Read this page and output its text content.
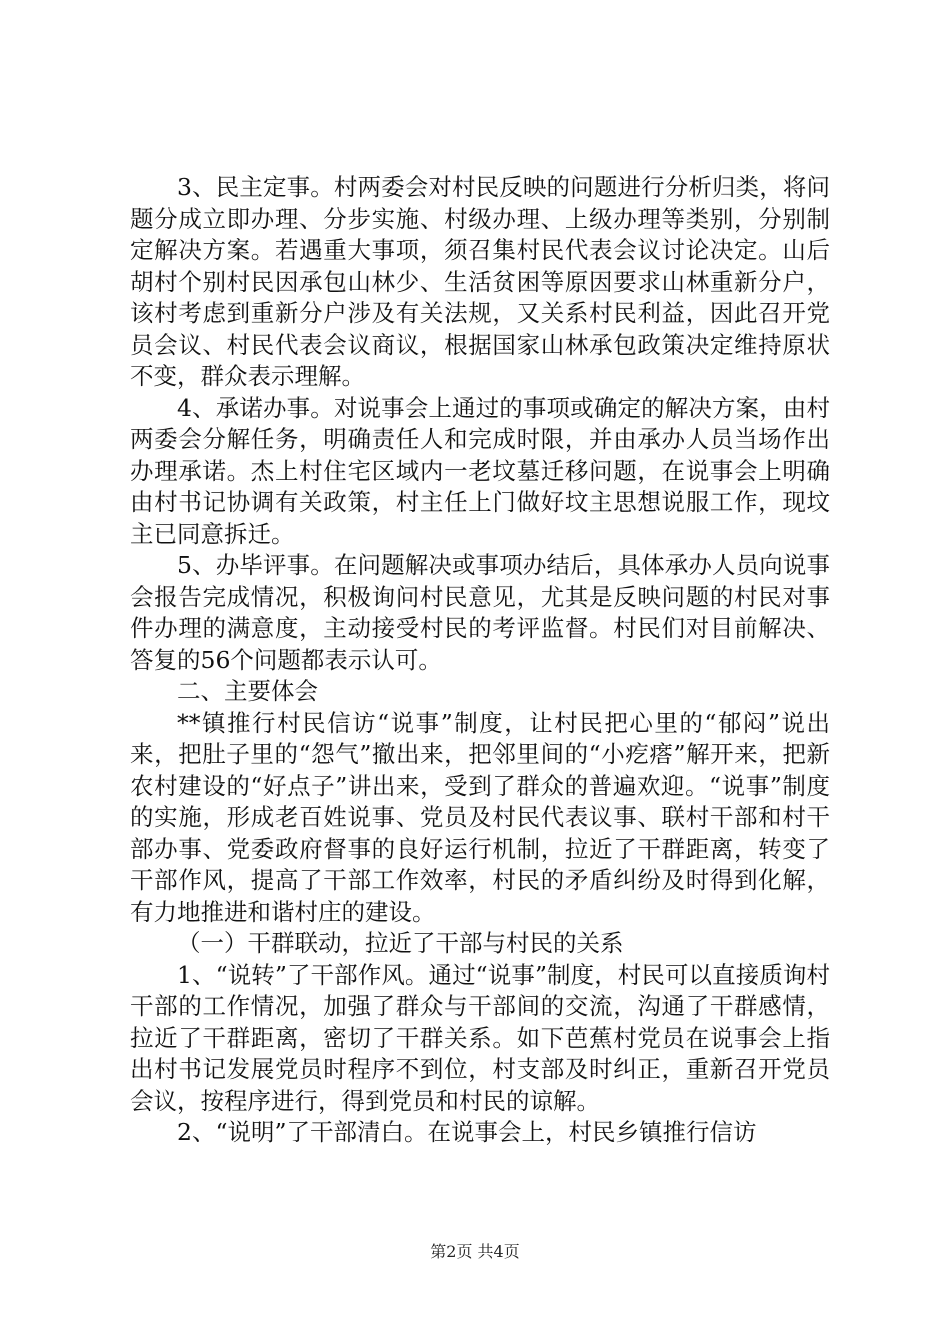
3、民主定事。村两委会对村民反映的问题进行分析归类，将问题分成立即办理、分步实施、村级办理、上级办理等类别，分别制定解决方案。若遇重大事项，须召集村民代表会议讨论决定。山后胡村个别村民因承包山林少、生活贫困等原因要求山林重新分户，该村考虑到重新分户涉及有关法规，又关系村民利益，因此召开党员会议、村民代表会议商议，根据国家山林承包政策决定维持原状不变，群众表示理解。

4、承诺办事。对说事会上通过的事项或确定的解决方案，由村两委会分解任务，明确责任人和完成时限，并由承办人员当场作出办理承诺。杰上村住宅区域内一老坟墓迁移问题，在说事会上明确由村书记协调有关政策，村主任上门做好坟主思想说服工作，现坟主已同意拆迁。

5、办毕评事。在问题解决或事项办结后，具体承办人员向说事会报告完成情况，积极询问村民意见，尤其是反映问题的村民对事件办理的满意度，主动接受村民的考评监督。村民们对目前解决、答复的56个问题都表示认可。

二、主要体会

**镇推行村民信访“说事”制度，让村民把心里的“郁闷”说出来，把肚子里的“怨气”撤出来，把邻里间的“小疙瘩”解开来，把新农村建设的“好点子”讲出来，受到了群众的普遍欢迎。“说事”制度的实施，形成老百姓说事、党员及村民代表议事、联村干部和村干部办事、党委政府督事的良好运行机制，拉近了干群距离，转变了干部作风，提高了干部工作效率，村民的矛盾纠纷及时得到化解，有力地推进和谐村庄的建设。

（一）干群联动，拉近了干部与村民的关系

1、“说转”了干部作风。通过“说事”制度，村民可以直接质询村干部的工作情况，加强了群众与干部间的交流，沟通了干群感情，拉近了干群距离，密切了干群关系。如下芭蕉村党员在说事会上指出村书记发展党员时程序不到位，村支部及时纠正，重新召开党员会议，按程序进行，得到党员和村民的谅解。

2、“说明”了干部清白。在说事会上，村民乡镇推行信访

第2页 共4页
